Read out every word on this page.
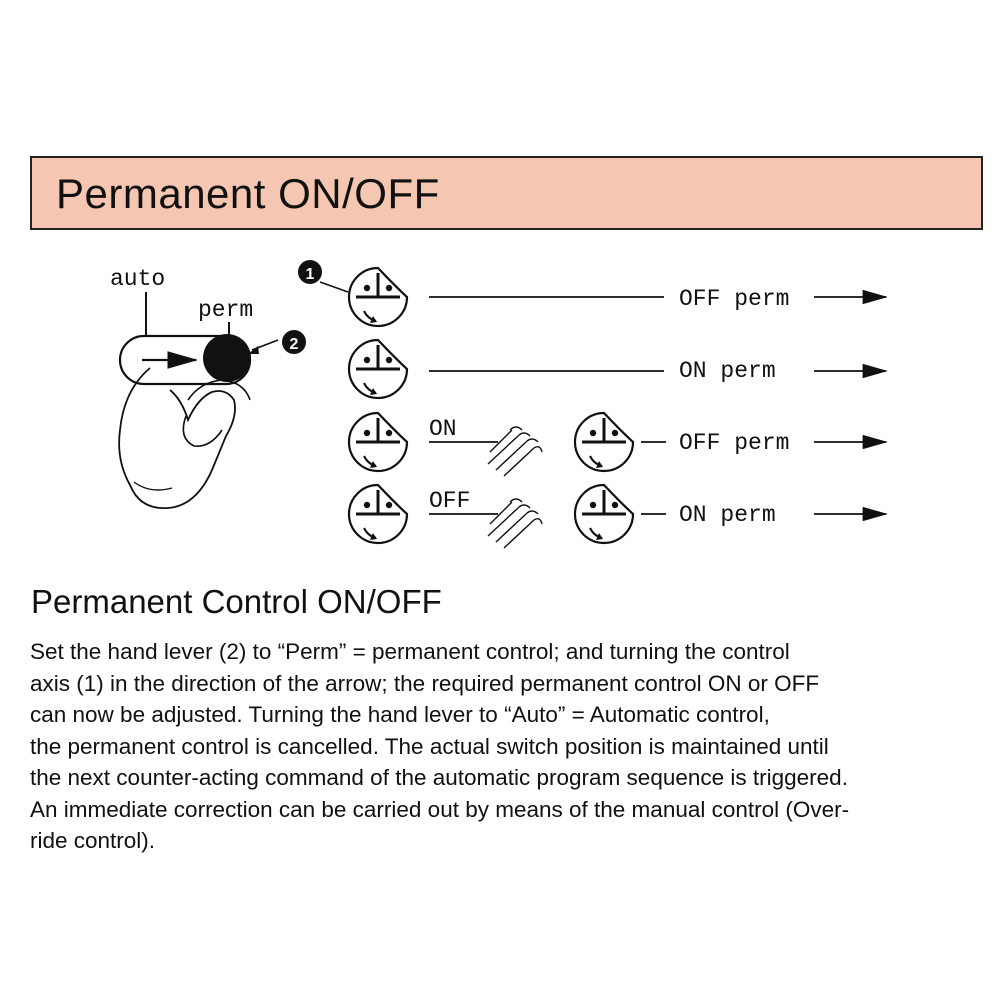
Permanent ON/OFF
auto
perm
1
2
OFF perm
ON perm
ON
OFF perm
OFF
ON perm
Permanent Control ON/OFF

Set the hand lever (2) to “Perm” = permanent control; and turning the control

axis (1) in the direction of the arrow; the required permanent control ON or OFF

can now be adjusted. Turning the hand lever to “Auto” = Automatic control,

the permanent control is cancelled. The actual switch position is maintained until

the next counter-acting command of the automatic program sequence is triggered.

An immediate correction can be carried out by means of the manual control (Over-

ride control).
